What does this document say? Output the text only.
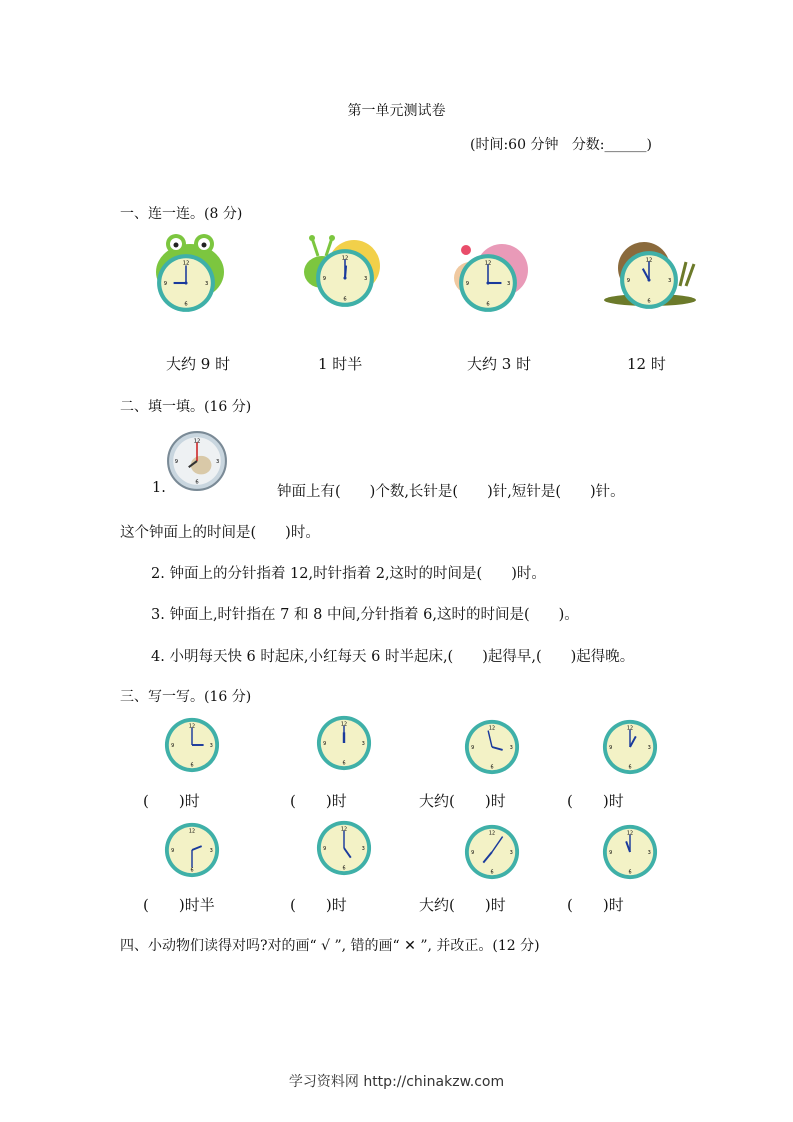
第一单元测试卷
(时间:60 分钟 分数:______)
一、连一连。(8 分)
12
3
6
9
12
3
6
9
12
3
6
9
12
3
6
9
大约 9 时	1 时半	大约 3 时	12 时
二、填一填。(16 分)
12
3
6
9
1.	钟面上有(　　)个数,长针是(　　)针,短针是(　　)针。
这个钟面上的时间是(　　)时。
2. 钟面上的分针指着 12,时针指着 2,这时的时间是(　　)时。
3. 钟面上,时针指在 7 和 8 中间,分针指着 6,这时的时间是(　　)。
4. 小明每天快 6 时起床,小红每天 6 时半起床,(　　)起得早,(　　)起得晚。
三、写一写。(16 分)
12
3
6
9
12
3
6
9
12
3
6
9
12
3
6
9
(　　)时	(　　)时	大约(　　)时	(　　)时
12
3
6
9
12
3
6
9
12
3
6
9
12
3
6
9
(　　)时半	(　　)时	大约(　　)时	(　　)时
四、小动物们读得对吗?对的画“ √ ”, 错的画“ ✕ ”, 并改正。(12 分)
学习资料网 http://chinakzw.com
